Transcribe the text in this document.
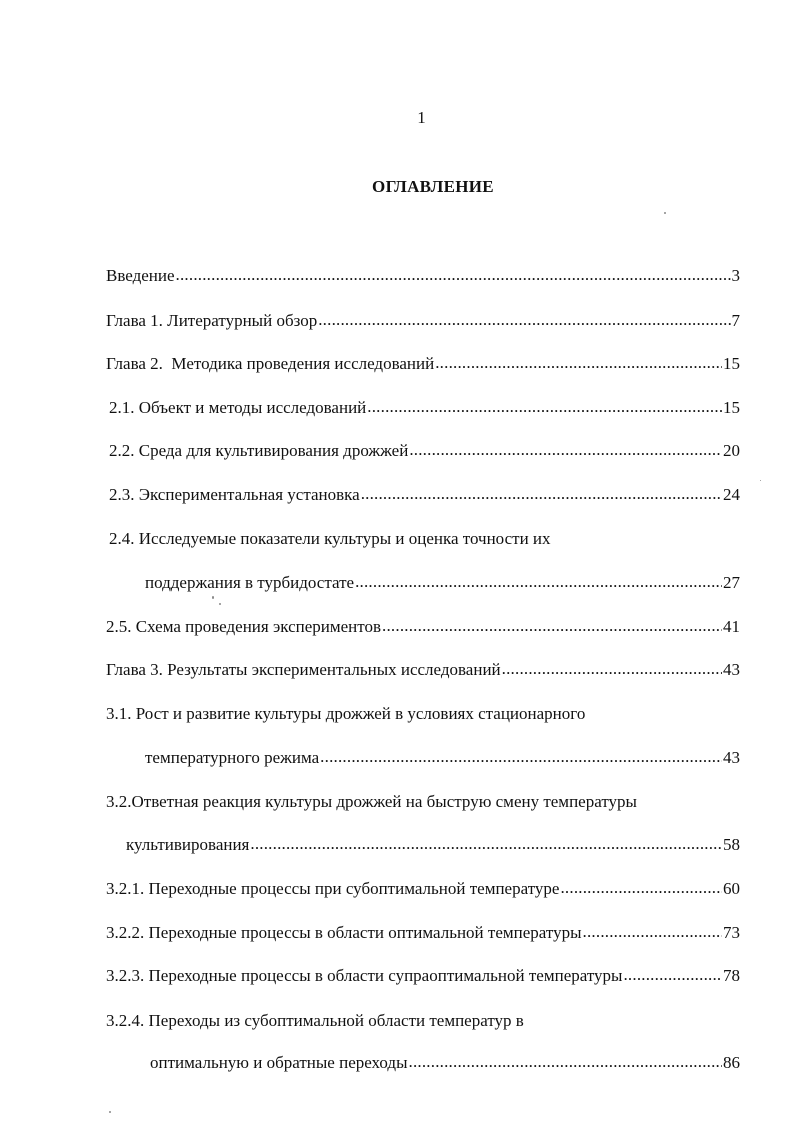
1
ОГЛАВЛЕНИЕ
Введение .....	3
Глава 1. Литературный обзор .....	7
Глава 2.  Методика проведения исследований .....	15
2.1. Объект и методы исследований .....	15
2.2. Среда для культивирования дрожжей .....	20
2.3. Экспериментальная установка .....	24
2.4. Исследуемые показатели культуры и оценка точности их
поддержания в турбидостате .....	27
2.5. Схема проведения экспериментов .....	41
Глава 3. Результаты экспериментальных исследований .....	43
3.1. Рост и развитие культуры дрожжей в условиях стационарного
температурного режима .....	43
3.2.Ответная реакция культуры дрожжей на быструю смену температуры
культивирования .....	58
3.2.1. Переходные процессы при субоптимальной температуре .....	60
3.2.2. Переходные процессы в области оптимальной температуры .....	73
3.2.3. Переходные процессы в области супраоптимальной температуры .....	78
3.2.4. Переходы из субоптимальной области температур в
оптимальную и обратные переходы .....	86
